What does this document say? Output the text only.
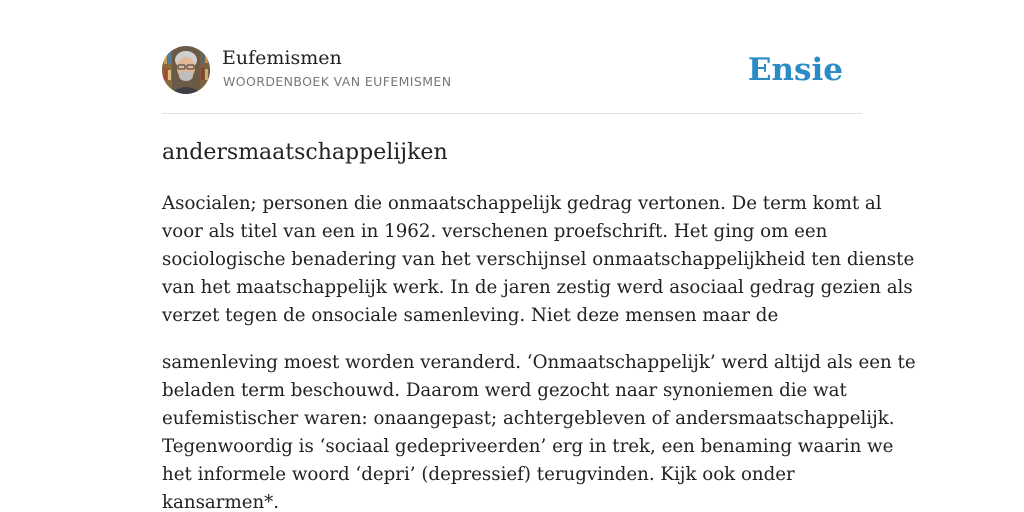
Eufemismen
WOORDENBOEK VAN EUFEMISMEN	Ensie
andersmaatschappelijken

Asocialen; personen die onmaatschappelijk gedrag vertonen. De term komt al
voor als titel van een in 1962. verschenen proefschrift. Het ging om een
sociologische benadering van het verschijnsel onmaatschappelijkheid ten dienste
van het maatschappelijk werk. In de jaren zestig werd asociaal gedrag gezien als
verzet tegen de onsociale samenleving. Niet deze mensen maar de

samenleving moest worden veranderd. ‘Onmaatschappelijk’ werd altijd als een te
beladen term beschouwd. Daarom werd gezocht naar synoniemen die wat
eufemistischer waren: onaangepast; achtergebleven of andersmaatschappelijk.
Tegenwoordig is ‘sociaal gedepriveerden’ erg in trek, een benaming waarin we
het informele woord ‘depri’ (depressief) terugvinden. Kijk ook onder
kansarmen*.
